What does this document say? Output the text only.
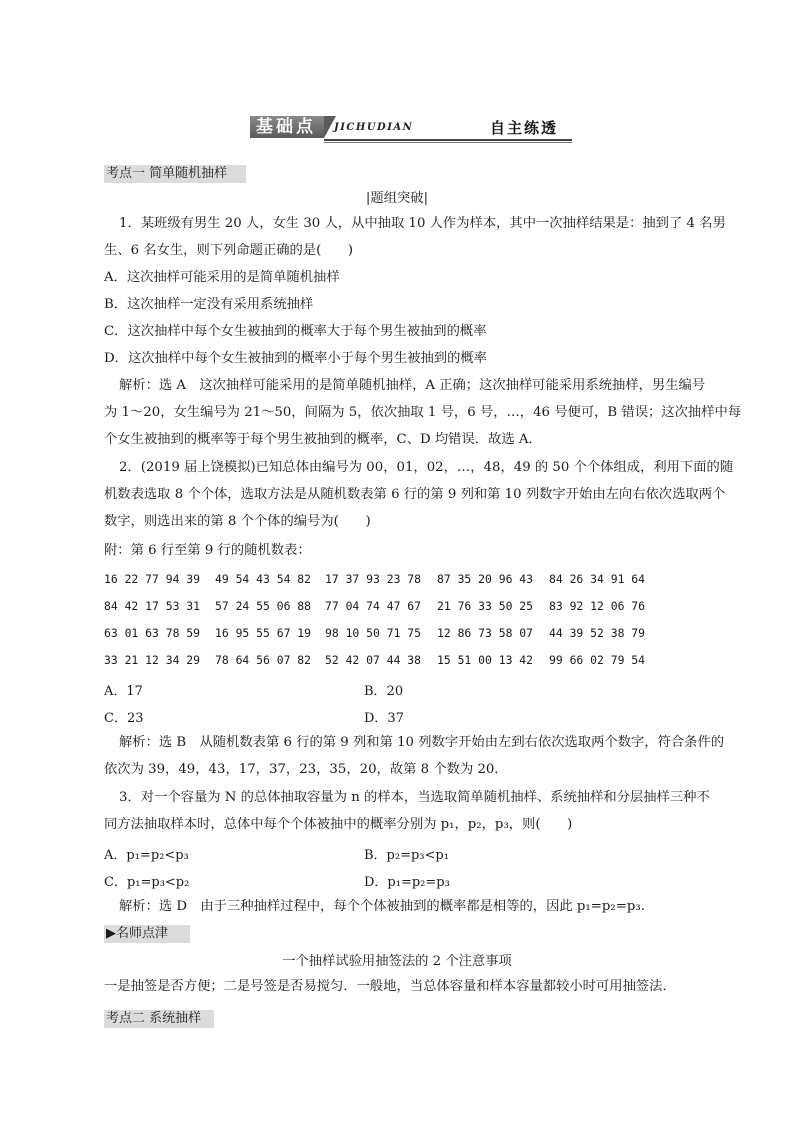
基础点	JICHUDIAN	自主练透
考点一 简单随机抽样
|题组突破|
1．某班级有男生 20 人，女生 30 人，从中抽取 10 人作为样本，其中一次抽样结果是：抽到了 4 名男
生、6 名女生，则下列命题正确的是(　　)
A．这次抽样可能采用的是简单随机抽样
B．这次抽样一定没有采用系统抽样
C．这次抽样中每个女生被抽到的概率大于每个男生被抽到的概率
D．这次抽样中每个女生被抽到的概率小于每个男生被抽到的概率
解析：选 A　这次抽样可能采用的是简单随机抽样，A 正确；这次抽样可能采用系统抽样，男生编号
为 1～20，女生编号为 21～50，间隔为 5，依次抽取 1 号，6 号，…，46 号便可，B 错误；这次抽样中每
个女生被抽到的概率等于每个男生被抽到的概率，C、D 均错误．故选 A．
2．(2019 届上饶模拟)已知总体由编号为 00，01，02，…，48，49 的 50 个个体组成，利用下面的随
机数表选取 8 个个体，选取方法是从随机数表第 6 行的第 9 列和第 10 列数字开始由左向右依次选取两个
数字，则选出来的第 8 个个体的编号为(　　)
附：第 6 行至第 9 行的随机数表：
16 22 77 94 39 49 54 43 54 82 17 37 93 23 78 87 35 20 96 43 84 26 34 91 64
84 42 17 53 31 57 24 55 06 88 77 04 74 47 67 21 76 33 50 25 83 92 12 06 76
63 01 63 78 59 16 95 55 67 19 98 10 50 71 75 12 86 73 58 07 44 39 52 38 79
33 21 12 34 29 78 64 56 07 82 52 42 07 44 38 15 51 00 13 42 99 66 02 79 54
A．17	B．20
C．23	D．37
解析：选 B　从随机数表第 6 行的第 9 列和第 10 列数字开始由左到右依次选取两个数字，符合条件的
依次为 39，49，43，17，37，23，35，20，故第 8 个数为 20．
3．对一个容量为 N 的总体抽取容量为 n 的样本，当选取简单随机抽样、系统抽样和分层抽样三种不
同方法抽取样本时，总体中每个个体被抽中的概率分别为 p₁，p₂，p₃，则(　　)
A．p₁=p₂<p₃	B．p₂=p₃<p₁
C．p₁=p₃<p₂	D．p₁=p₂=p₃
解析：选 D　由于三种抽样过程中，每个个体被抽到的概率都是相等的，因此 p₁=p₂=p₃.
▶名师点津
一个抽样试验用抽签法的 2 个注意事项
一是抽签是否方便；二是号签是否易搅匀．一般地，当总体容量和样本容量都较小时可用抽签法．
考点二 系统抽样
